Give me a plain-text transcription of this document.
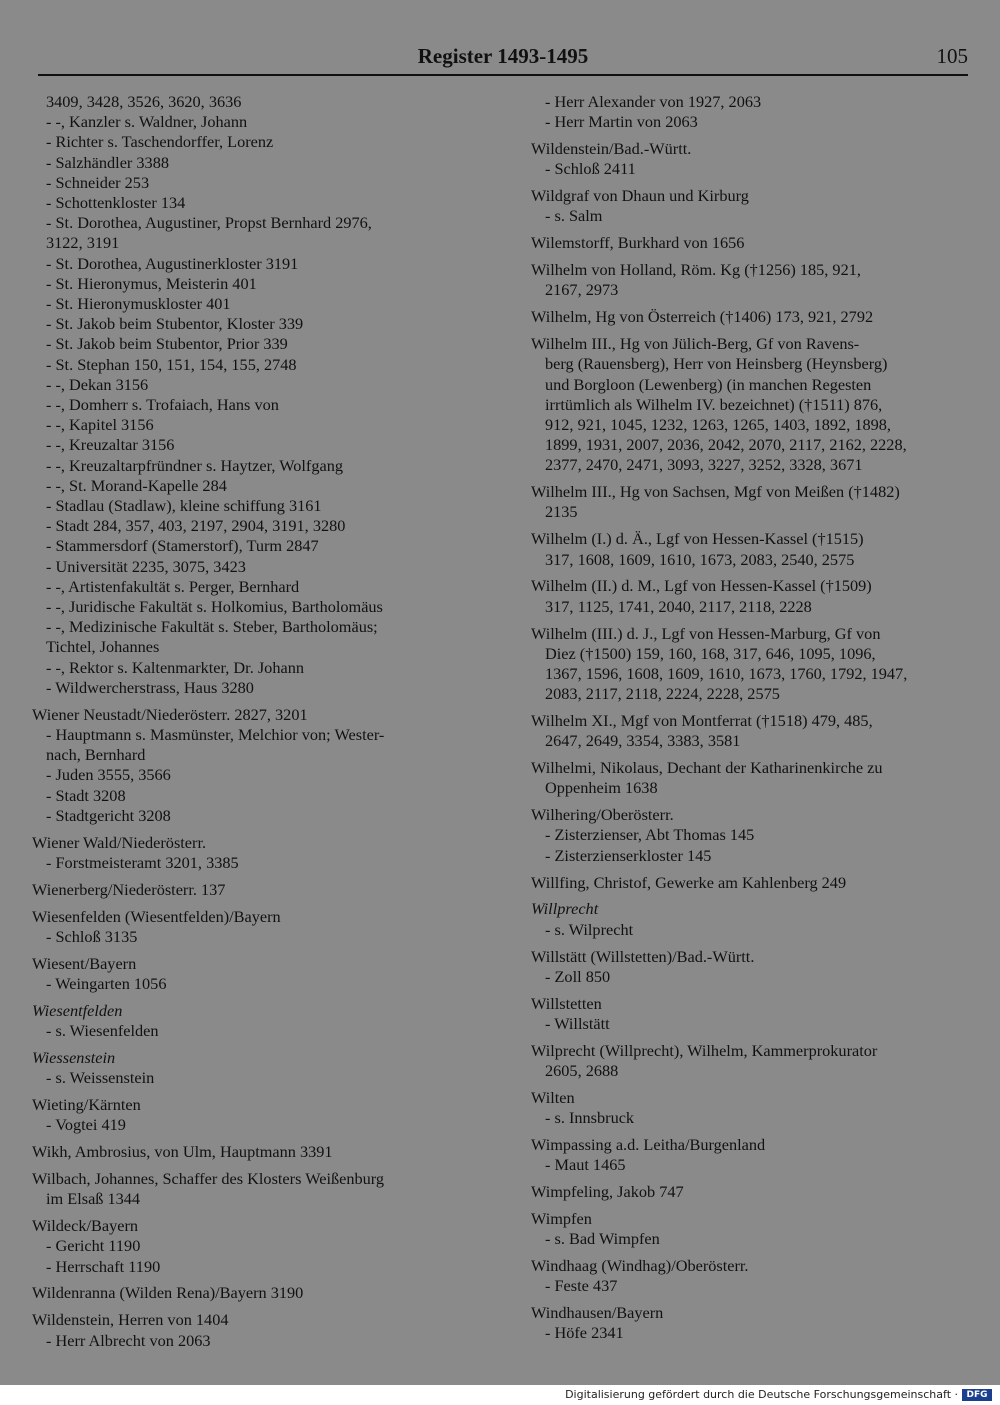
Register 1493-1495	105
3409, 3428, 3526, 3620, 3636
- -, Kanzler s. Waldner, Johann
- Richter s. Taschendorffer, Lorenz
- Salzhändler 3388
- Schneider 253
- Schottenkloster 134
- St. Dorothea, Augustiner, Propst Bernhard 2976,
3122, 3191
- St. Dorothea, Augustinerkloster 3191
- St. Hieronymus, Meisterin 401
- St. Hieronymuskloster 401
- St. Jakob beim Stubentor, Kloster 339
- St. Jakob beim Stubentor, Prior 339
- St. Stephan 150, 151, 154, 155, 2748
- -, Dekan 3156
- -, Domherr s. Trofaiach, Hans von
- -, Kapitel 3156
- -, Kreuzaltar 3156
- -, Kreuzaltarpfründner s. Haytzer, Wolfgang
- -, St. Morand-Kapelle 284
- Stadlau (Stadlaw), kleine schiffung 3161
- Stadt 284, 357, 403, 2197, 2904, 3191, 3280
- Stammersdorf (Stamerstorf), Turm 2847
- Universität 2235, 3075, 3423
- -, Artistenfakultät s. Perger, Bernhard
- -, Juridische Fakultät s. Holkomius, Bartholomäus
- -, Medizinische Fakultät s. Steber, Bartholomäus;
Tichtel, Johannes
- -, Rektor s. Kaltenmarkter, Dr. Johann
- Wildwercherstrass, Haus 3280
Wiener Neustadt/Niederösterr. 2827, 3201
- Hauptmann s. Masmünster, Melchior von; Wester-
nach, Bernhard
- Juden 3555, 3566
- Stadt 3208
- Stadtgericht 3208
Wiener Wald/Niederösterr.
- Forstmeisteramt 3201, 3385
Wienerberg/Niederösterr. 137
Wiesenfelden (Wiesentfelden)/Bayern
- Schloß 3135
Wiesent/Bayern
- Weingarten 1056
Wiesentfelden
- s. Wiesenfelden
Wiessenstein
- s. Weissenstein
Wieting/Kärnten
- Vogtei 419
Wikh, Ambrosius, von Ulm, Hauptmann 3391
Wilbach, Johannes, Schaffer des Klosters Weißenburg
im Elsaß 1344
Wildeck/Bayern
- Gericht 1190
- Herrschaft 1190
Wildenranna (Wilden Rena)/Bayern 3190
Wildenstein, Herren von 1404
- Herr Albrecht von 2063
- Herr Alexander von 1927, 2063
- Herr Martin von 2063
Wildenstein/Bad.-Württ.
- Schloß 2411
Wildgraf von Dhaun und Kirburg
- s. Salm
Wilemstorff, Burkhard von 1656
Wilhelm von Holland, Röm. Kg (†1256) 185, 921,
2167, 2973
Wilhelm, Hg von Österreich (†1406) 173, 921, 2792
Wilhelm III., Hg von Jülich-Berg, Gf von Ravens-
berg (Rauensberg), Herr von Heinsberg (Heynsberg)
und Borgloon (Lewenberg) (in manchen Regesten
irrtümlich als Wilhelm IV. bezeichnet) (†1511) 876,
912, 921, 1045, 1232, 1263, 1265, 1403, 1892, 1898,
1899, 1931, 2007, 2036, 2042, 2070, 2117, 2162, 2228,
2377, 2470, 2471, 3093, 3227, 3252, 3328, 3671
Wilhelm III., Hg von Sachsen, Mgf von Meißen (†1482)
2135
Wilhelm (I.) d. Ä., Lgf von Hessen-Kassel (†1515)
317, 1608, 1609, 1610, 1673, 2083, 2540, 2575
Wilhelm (II.) d. M., Lgf von Hessen-Kassel (†1509)
317, 1125, 1741, 2040, 2117, 2118, 2228
Wilhelm (III.) d. J., Lgf von Hessen-Marburg, Gf von
Diez (†1500) 159, 160, 168, 317, 646, 1095, 1096,
1367, 1596, 1608, 1609, 1610, 1673, 1760, 1792, 1947,
2083, 2117, 2118, 2224, 2228, 2575
Wilhelm XI., Mgf von Montferrat (†1518) 479, 485,
2647, 2649, 3354, 3383, 3581
Wilhelmi, Nikolaus, Dechant der Katharinenkirche zu
Oppenheim 1638
Wilhering/Oberösterr.
- Zisterzienser, Abt Thomas 145
- Zisterzienserkloster 145
Willfing, Christof, Gewerke am Kahlenberg 249
Willprecht
- s. Wilprecht
Willstätt (Willstetten)/Bad.-Württ.
- Zoll 850
Willstetten
- Willstätt
Wilprecht (Willprecht), Wilhelm, Kammerprokurator
2605, 2688
Wilten
- s. Innsbruck
Wimpassing a.d. Leitha/Burgenland
- Maut 1465
Wimpfeling, Jakob 747
Wimpfen
- s. Bad Wimpfen
Windhaag (Windhag)/Oberösterr.
- Feste 437
Windhausen/Bayern
- Höfe 2341
Digitalisierung gefördert durch die Deutsche Forschungsgemeinschaft · DFG
